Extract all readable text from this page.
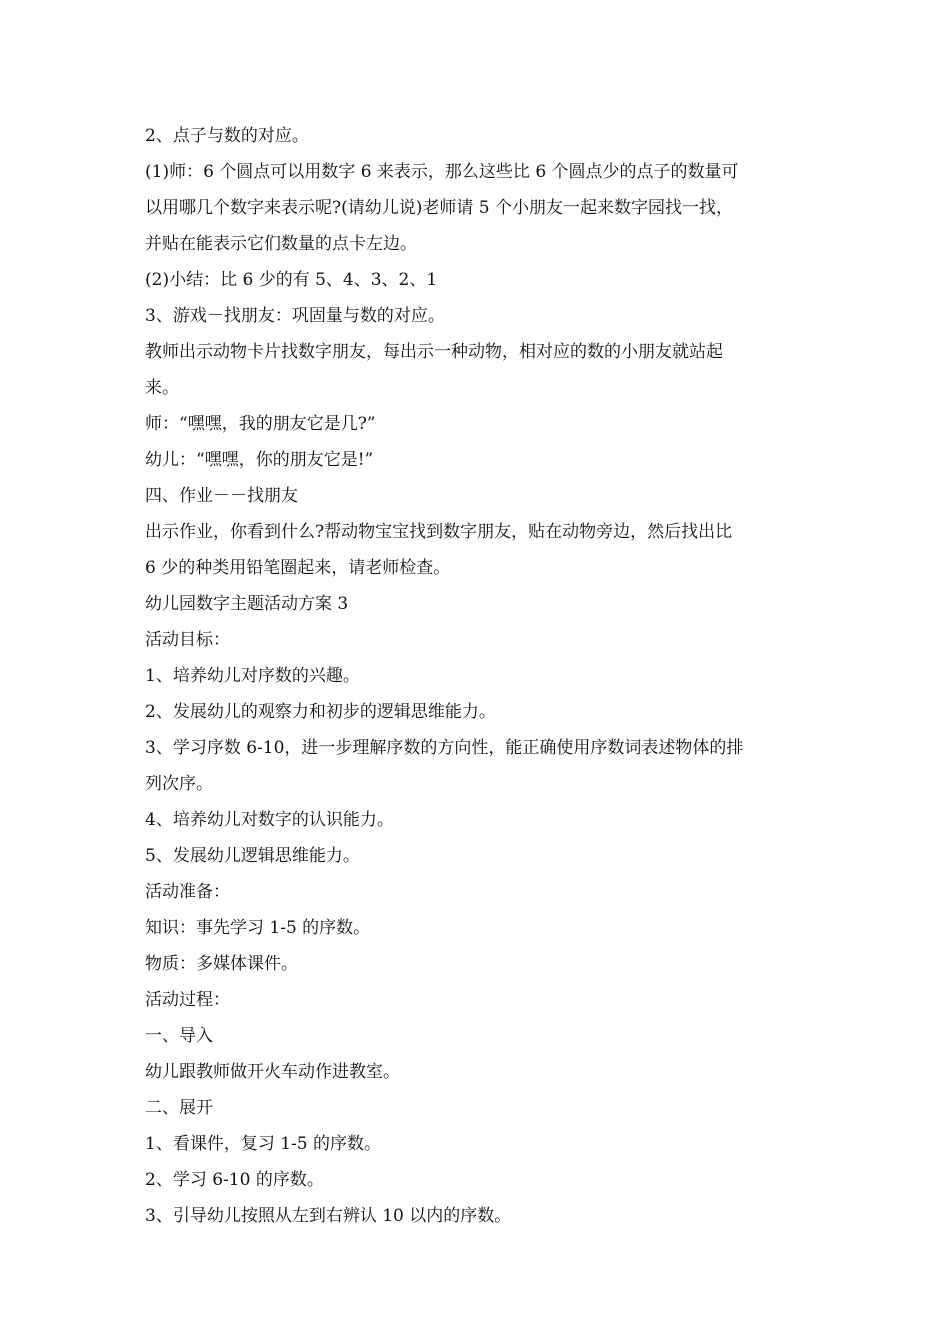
2、点子与数的对应。
(1)师：6 个圆点可以用数字 6 来表示，那么这些比 6 个圆点少的点子的数量可
以用哪几个数字来表示呢?(请幼儿说)老师请 5 个小朋友一起来数字园找一找，
并贴在能表示它们数量的点卡左边。
(2)小结：比 6 少的有 5、4、3、2、1
3、游戏－找朋友：巩固量与数的对应。
教师出示动物卡片找数字朋友，每出示一种动物，相对应的数的小朋友就站起
来。
师：“嘿嘿，我的朋友它是几?”
幼儿：“嘿嘿，你的朋友它是!”
四、作业－－找朋友
出示作业，你看到什么?帮动物宝宝找到数字朋友，贴在动物旁边，然后找出比
6 少的种类用铅笔圈起来，请老师检查。
幼儿园数字主题活动方案 3
活动目标：
1、培养幼儿对序数的兴趣。
2、发展幼儿的观察力和初步的逻辑思维能力。
3、学习序数 6-10，进一步理解序数的方向性，能正确使用序数词表述物体的排
列次序。
4、培养幼儿对数字的认识能力。
5、发展幼儿逻辑思维能力。
活动准备：
知识：事先学习 1-5 的序数。
物质：多媒体课件。
活动过程：
一、导入
幼儿跟教师做开火车动作进教室。
二、展开
1、看课件，复习 1-5 的序数。
2、学习 6-10 的序数。
3、引导幼儿按照从左到右辨认 10 以内的序数。
